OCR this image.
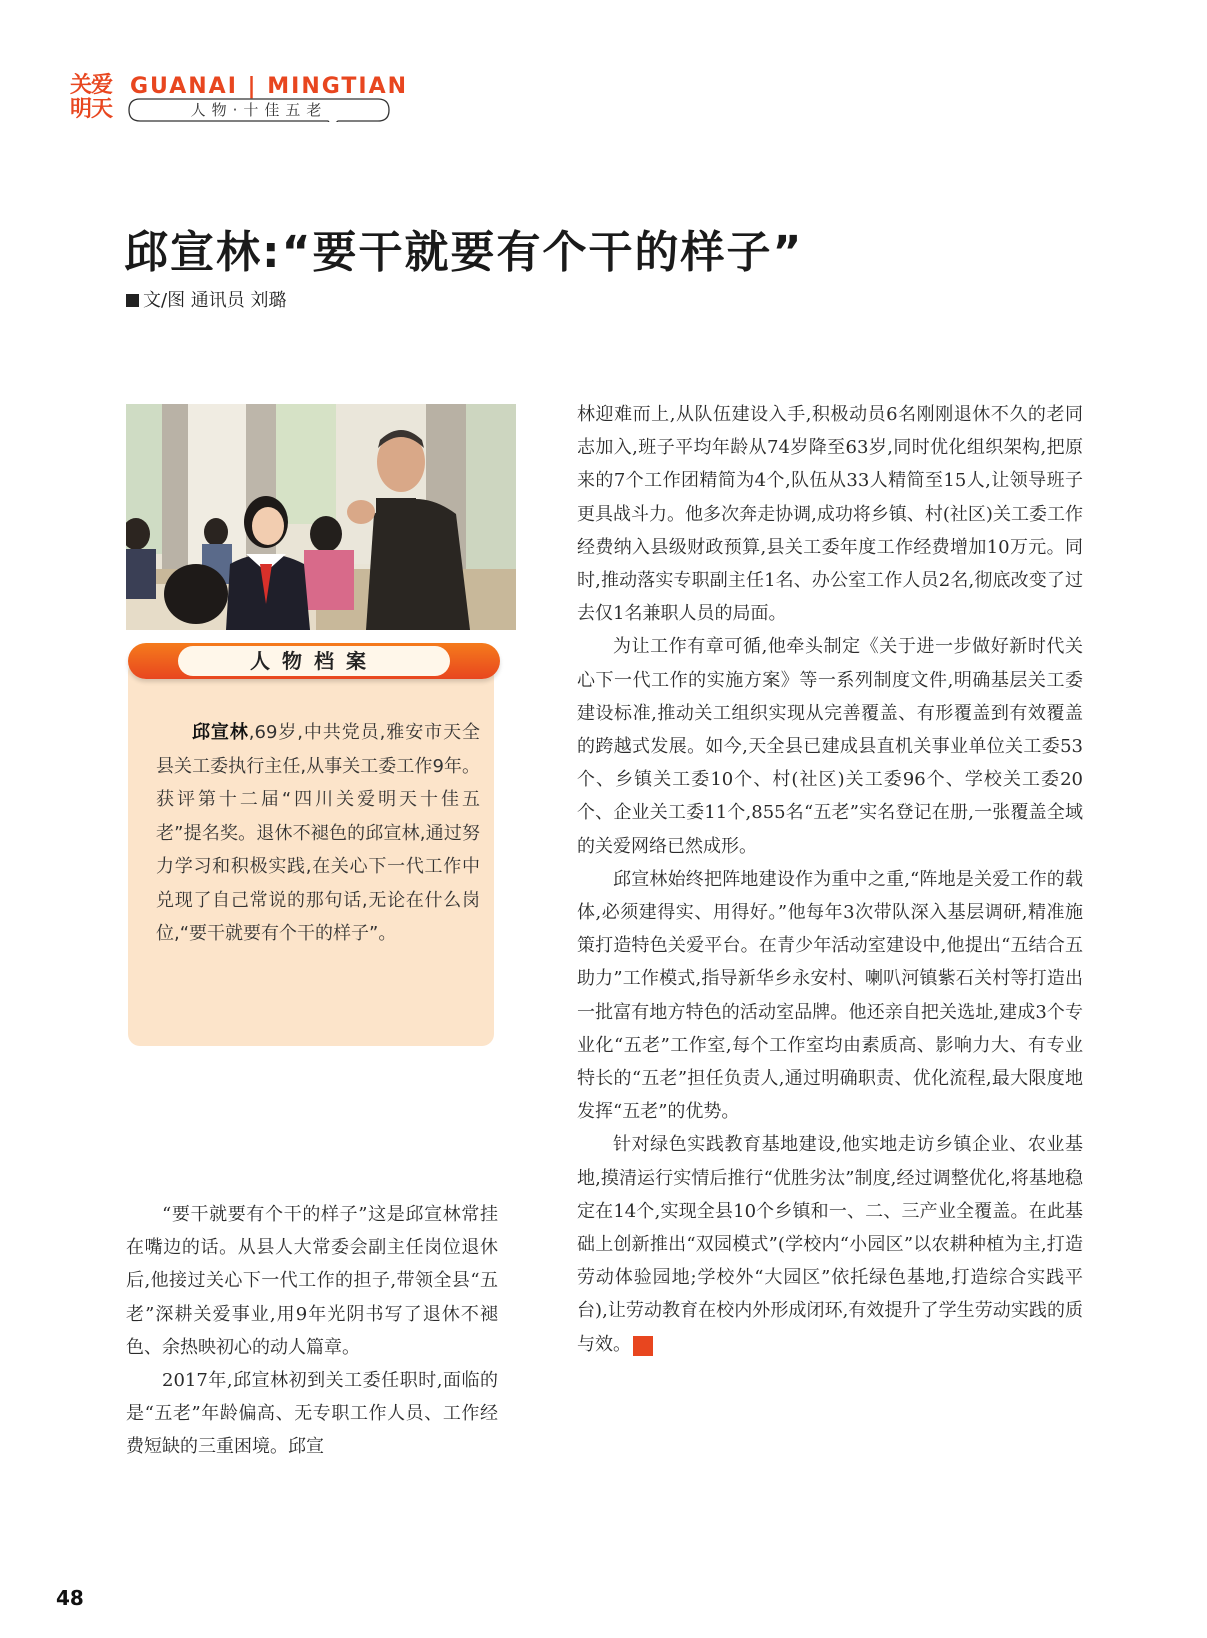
关爱
明天
GUANAI | MINGTIAN
人物·十佳五老
邱宣林:“要干就要有个干的样子”
文/图 通讯员 刘璐
人物档案
邱宣林,69岁,中共党员,雅安市天全县关工委执行主任,从事关工委工作9年。获评第十二届“四川关爱明天十佳五老”提名奖。退休不褪色的邱宣林,通过努力学习和积极实践,在关心下一代工作中兑现了自己常说的那句话,无论在什么岗位,“要干就要有个干的样子”。

“要干就要有个干的样子”这是邱宣林常挂在嘴边的话。从县人大常委会副主任岗位退休后,他接过关心下一代工作的担子,带领全县“五老”深耕关爱事业,用9年光阴书写了退休不褪色、余热映初心的动人篇章。

2017年,邱宣林初到关工委任职时,面临的是“五老”年龄偏高、无专职工作人员、工作经费短缺的三重困境。邱宣

林迎难而上,从队伍建设入手,积极动员6名刚刚退休不久的老同志加入,班子平均年龄从74岁降至63岁,同时优化组织架构,把原来的7个工作团精简为4个,队伍从33人精简至15人,让领导班子更具战斗力。他多次奔走协调,成功将乡镇、村(社区)关工委工作经费纳入县级财政预算,县关工委年度工作经费增加10万元。同时,推动落实专职副主任1名、办公室工作人员2名,彻底改变了过去仅1名兼职人员的局面。

为让工作有章可循,他牵头制定《关于进一步做好新时代关心下一代工作的实施方案》等一系列制度文件,明确基层关工委建设标准,推动关工组织实现从完善覆盖、有形覆盖到有效覆盖的跨越式发展。如今,天全县已建成县直机关事业单位关工委53个、乡镇关工委10个、村(社区)关工委96个、学校关工委20个、企业关工委11个,855名“五老”实名登记在册,一张覆盖全域的关爱网络已然成形。

邱宣林始终把阵地建设作为重中之重,“阵地是关爱工作的载体,必须建得实、用得好。”他每年3次带队深入基层调研,精准施策打造特色关爱平台。在青少年活动室建设中,他提出“五结合五助力”工作模式,指导新华乡永安村、喇叭河镇紫石关村等打造出一批富有地方特色的活动室品牌。他还亲自把关选址,建成3个专业化“五老”工作室,每个工作室均由素质高、影响力大、有专业特长的“五老”担任负责人,通过明确职责、优化流程,最大限度地发挥“五老”的优势。

针对绿色实践教育基地建设,他实地走访乡镇企业、农业基地,摸清运行实情后推行“优胜劣汰”制度,经过调整优化,将基地稳定在14个,实现全县10个乡镇和一、二、三产业全覆盖。在此基础上创新推出“双园模式”(学校内“小园区”以农耕种植为主,打造劳动体验园地;学校外“大园区”依托绿色基地,打造综合实践平台),让劳动教育在校内外形成闭环,有效提升了学生劳动实践的质与效。	关

48
